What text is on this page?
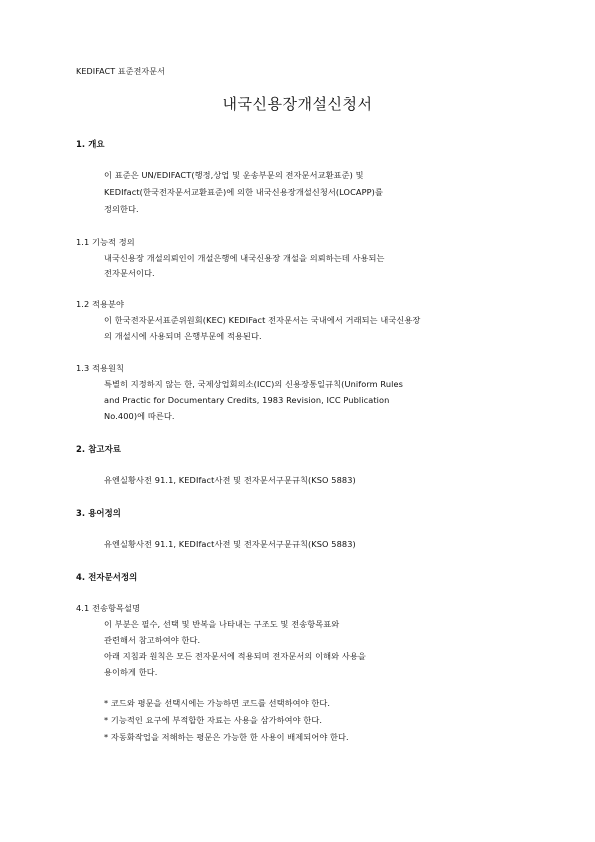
KEDIFACT 표준전자문서
내국신용장개설신청서
1. 개요
이 표준은 UN/EDIFACT(행정,상업 및 운송부문의 전자문서교환표준) 및
KEDIfact(한국전자문서교환표준)에 의한 내국신용장개설신청서(LOCAPP)를
정의한다.
1.1 기능적 정의
내국신용장 개설의뢰인이 개설은행에 내국신용장 개설을 의뢰하는데 사용되는
전자문서이다.
1.2 적용분야
이 한국전자문서표준위원회(KEC) KEDIFact 전자문서는 국내에서 거래되는 내국신용장
의 개설시에 사용되며 은행부문에 적용된다.
1.3 적용원칙
특별히 지정하지 않는 한, 국제상업회의소(ICC)의 신용장통일규칙(Uniform Rules
and Practic for Documentary Credits, 1983 Revision, ICC Publication
No.400)에 따른다.
2. 참고자료
유엔실황사전 91.1, KEDIfact사전 및 전자문서구문규칙(KSO 5883)
3. 용어정의
유엔실황사전 91.1, KEDIfact사전 및 전자문서구문규칙(KSO 5883)
4. 전자문서정의
4.1 전송항목설명
이 부분은 필수, 선택 및 반복을 나타내는 구조도 및 전송항목표와
관련해서 참고하여야 한다.
아래 지침과 원칙은 모든 전자문서에 적용되며 전자문서의 이해와 사용을
용이하게 한다.
* 코드와 평문을 선택시에는 가능하면 코드를 선택하여야 한다.
* 기능적인 요구에 부적합한 자료는 사용을 삼가하여야 한다.
* 자동화작업을 저해하는 평문은 가능한 한 사용이 배제되어야 한다.
